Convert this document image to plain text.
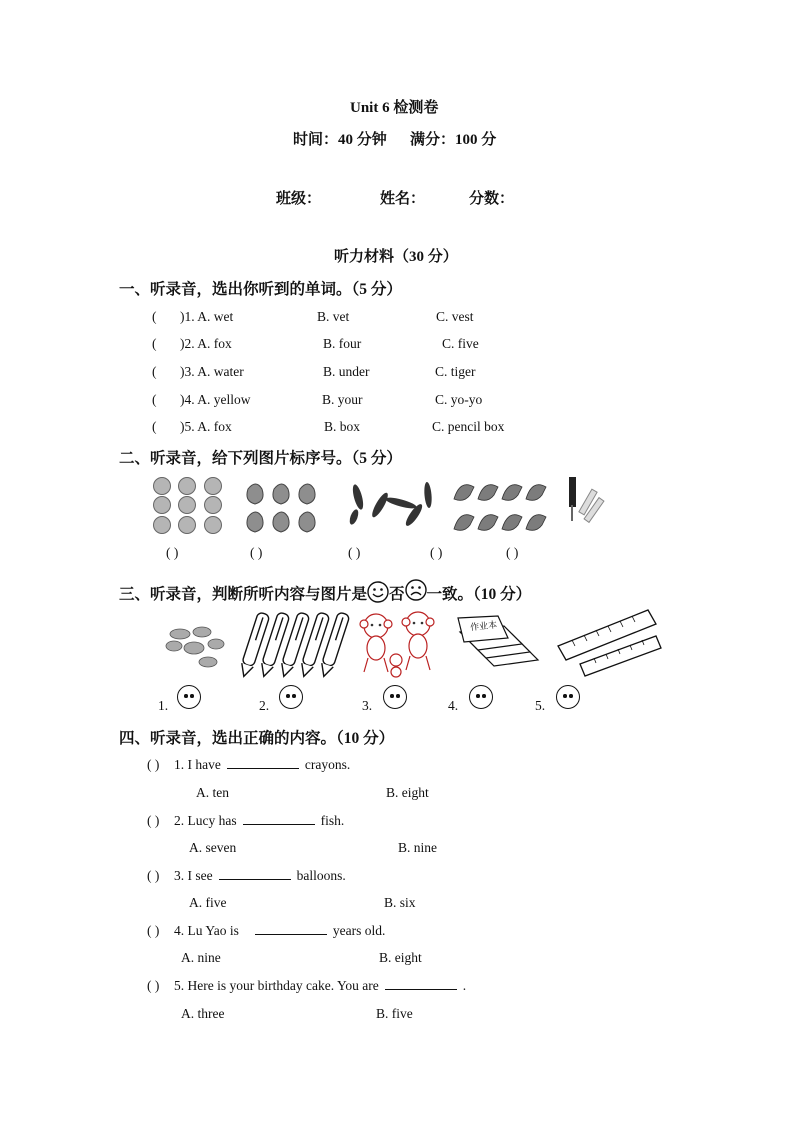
Unit 6 检测卷
时间：40 分钟 满分：100 分
班级：	姓名：	分数：
听力材料（30 分）
一、听录音，选出你听到的单词。（5 分）
( )1. A. wet	B. vet	C. vest
( )2. A. fox	B. four	C. five
( )3. A. water	B. under	C. tiger
( )4. A. yellow	B. your	C. yo-yo
( )5. A. fox	B. box	C. pencil box
二、听录音，给下列图片标序号。（5 分）
( )	( )	( )	( )	( )
三、听录音，判断所听内容与图片是 否 一致。（10 分）
作业本
1.	2.	3.	4.	5.
四、听录音，选出正确的内容。（10 分）
( ) 1. I have	crayons.
A. ten	B. eight
( ) 2. Lucy has	fish.
A. seven	B. nine
( ) 3. I see	balloons.
A. five	B. six
( ) 4. Lu Yao is	years old.
A. nine	B. eight
( ) 5. Here is your birthday cake. You are	.
A. three	B. five
